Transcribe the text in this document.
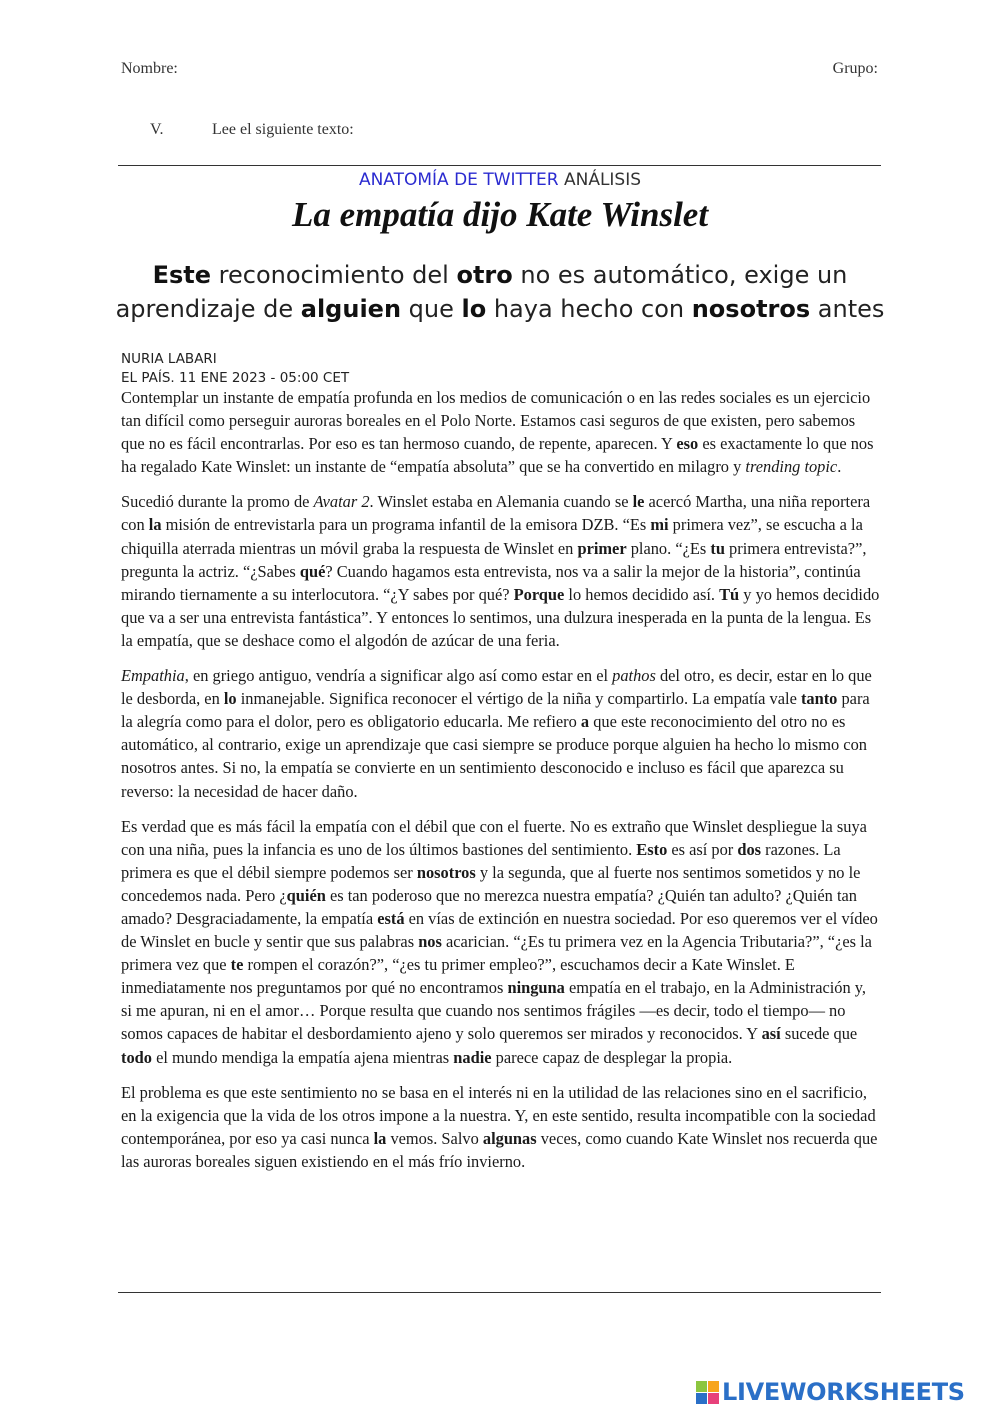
Nombre:	Grupo:
V.	Lee el siguiente texto:
ANATOMÍA DE TWITTER ANÁLISIS
La empatía dijo Kate Winslet
Este reconocimiento del otro no es automático, exige un aprendizaje de alguien que lo haya hecho con nosotros antes
NURIA LABARI
EL PAÍS. 11 ENE 2023 - 05:00 CET

Contemplar un instante de empatía profunda en los medios de comunicación o en las redes sociales es un ejercicio tan difícil como perseguir auroras boreales en el Polo Norte. Estamos casi seguros de que existen, pero sabemos que no es fácil encontrarlas. Por eso es tan hermoso cuando, de repente, aparecen. Y eso es exactamente lo que nos ha regalado Kate Winslet: un instante de “empatía absoluta” que se ha convertido en milagro y trending topic.

Sucedió durante la promo de Avatar 2. Winslet estaba en Alemania cuando se le acercó Martha, una niña reportera con la misión de entrevistarla para un programa infantil de la emisora DZB. “Es mi primera vez”, se escucha a la chiquilla aterrada mientras un móvil graba la respuesta de Winslet en primer plano. “¿Es tu primera entrevista?”, pregunta la actriz. “¿Sabes qué? Cuando hagamos esta entrevista, nos va a salir la mejor de la historia”, continúa mirando tiernamente a su interlocutora. “¿Y sabes por qué? Porque lo hemos decidido así. Tú y yo hemos decidido que va a ser una entrevista fantástica”. Y entonces lo sentimos, una dulzura inesperada en la punta de la lengua. Es la empatía, que se deshace como el algodón de azúcar de una feria.

Empathia, en griego antiguo, vendría a significar algo así como estar en el pathos del otro, es decir, estar en lo que le desborda, en lo inmanejable. Significa reconocer el vértigo de la niña y compartirlo. La empatía vale tanto para la alegría como para el dolor, pero es obligatorio educarla. Me refiero a que este reconocimiento del otro no es automático, al contrario, exige un aprendizaje que casi siempre se produce porque alguien ha hecho lo mismo con nosotros antes. Si no, la empatía se convierte en un sentimiento desconocido e incluso es fácil que aparezca su reverso: la necesidad de hacer daño.

Es verdad que es más fácil la empatía con el débil que con el fuerte. No es extraño que Winslet despliegue la suya con una niña, pues la infancia es uno de los últimos bastiones del sentimiento. Esto es así por dos razones. La primera es que el débil siempre podemos ser nosotros y la segunda, que al fuerte nos sentimos sometidos y no le concedemos nada. Pero ¿quién es tan poderoso que no merezca nuestra empatía? ¿Quién tan adulto? ¿Quién tan amado? Desgraciadamente, la empatía está en vías de extinción en nuestra sociedad. Por eso queremos ver el vídeo de Winslet en bucle y sentir que sus palabras nos acarician. “¿Es tu primera vez en la Agencia Tributaria?”, “¿es la primera vez que te rompen el corazón?”, “¿es tu primer empleo?”, escuchamos decir a Kate Winslet. E inmediatamente nos preguntamos por qué no encontramos ninguna empatía en el trabajo, en la Administración y, si me apuran, ni en el amor… Porque resulta que cuando nos sentimos frágiles —es decir, todo el tiempo— no somos capaces de habitar el desbordamiento ajeno y solo queremos ser mirados y reconocidos. Y así sucede que todo el mundo mendiga la empatía ajena mientras nadie parece capaz de desplegar la propia.

El problema es que este sentimiento no se basa en el interés ni en la utilidad de las relaciones sino en el sacrificio, en la exigencia que la vida de los otros impone a la nuestra. Y, en este sentido, resulta incompatible con la sociedad contemporánea, por eso ya casi nunca la vemos. Salvo algunas veces, como cuando Kate Winslet nos recuerda que las auroras boreales siguen existiendo en el más frío invierno.

LIVEWORKSHEETS
